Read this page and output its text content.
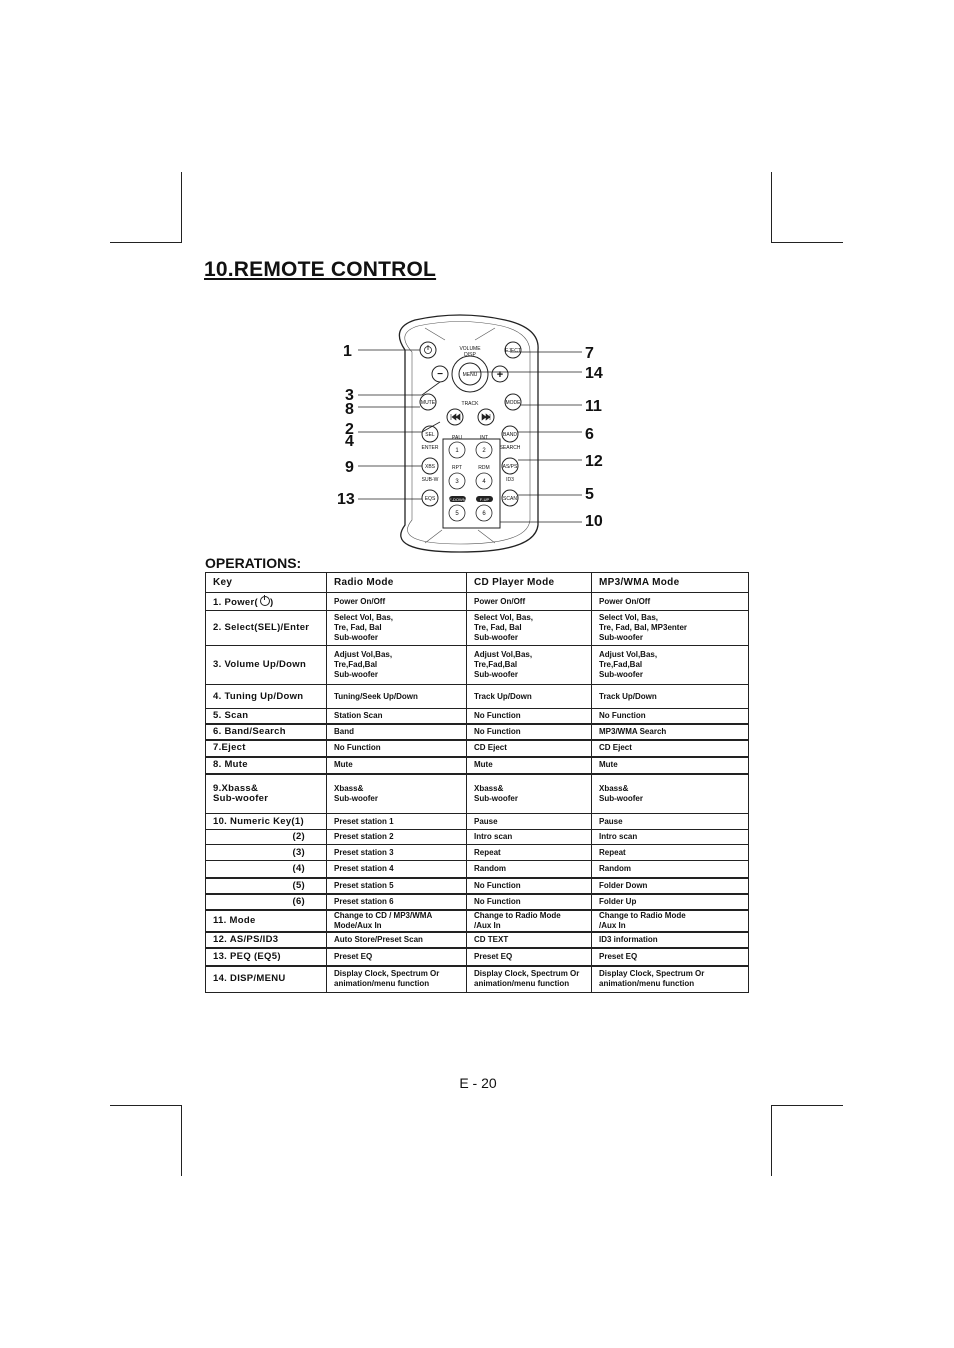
10.REMOTE CONTROL
EJECT
VOLUME
DISP
MENU
−	+
TRACK
MUTE	MODE
SEL
ENTER
BAND
SEARCH
PAU	INT
1	2
RPT	RDM
3	4
F-DOWN	F-UP
5	6
XBS
SUB-W
AS/PS
ID3
EQS	SCAN
1
3
8
2
4
9
13
7
14
11
6
12
5
10
OPERATIONS:
Key	Radio Mode	CD Player Mode	MP3/WMA Mode
1. Power( )	Power On/Off	Power On/Off	Power On/Off
2. Select(SEL)/Enter	Select Vol, Bas,
Tre, Fad, Bal
Sub-woofer	Select Vol, Bas,
Tre, Fad, Bal
Sub-woofer	Select Vol, Bas,
Tre, Fad, Bal, MP3enter
Sub-woofer
3. Volume Up/Down	Adjust Vol,Bas,
Tre,Fad,Bal
Sub-woofer	Adjust Vol,Bas,
Tre,Fad,Bal
Sub-woofer	Adjust Vol,Bas,
Tre,Fad,Bal
Sub-woofer
4. Tuning Up/Down	Tuning/Seek Up/Down	Track Up/Down	Track Up/Down
5. Scan	Station Scan	No Function	No Function
6. Band/Search	Band	No Function	MP3/WMA Search
7.Eject	No Function	CD Eject	CD Eject
8. Mute	Mute	Mute	Mute
9.Xbass&
Sub-woofer	Xbass&
Sub-woofer	Xbass&
Sub-woofer	Xbass&
Sub-woofer
10. Numeric Key(1)	Preset station 1	Pause	Pause
(2)	Preset station 2	Intro scan	Intro scan
(3)	Preset station 3	Repeat	Repeat
(4)	Preset station 4	Random	Random
(5)	Preset station 5	No Function	Folder Down
(6)	Preset station 6	No Function	Folder Up
11. Mode	Change to CD / MP3/WMA
Mode/Aux In	Change to Radio Mode
/Aux In	Change to Radio Mode
/Aux In
12. AS/PS/ID3	Auto Store/Preset Scan	CD TEXT	ID3 information
13. PEQ (EQ5)	Preset EQ	Preset EQ	Preset EQ
14. DISP/MENU	Display Clock, Spectrum Or
animation/menu function	Display Clock, Spectrum Or
animation/menu function	Display Clock, Spectrum Or
animation/menu function
E - 20
